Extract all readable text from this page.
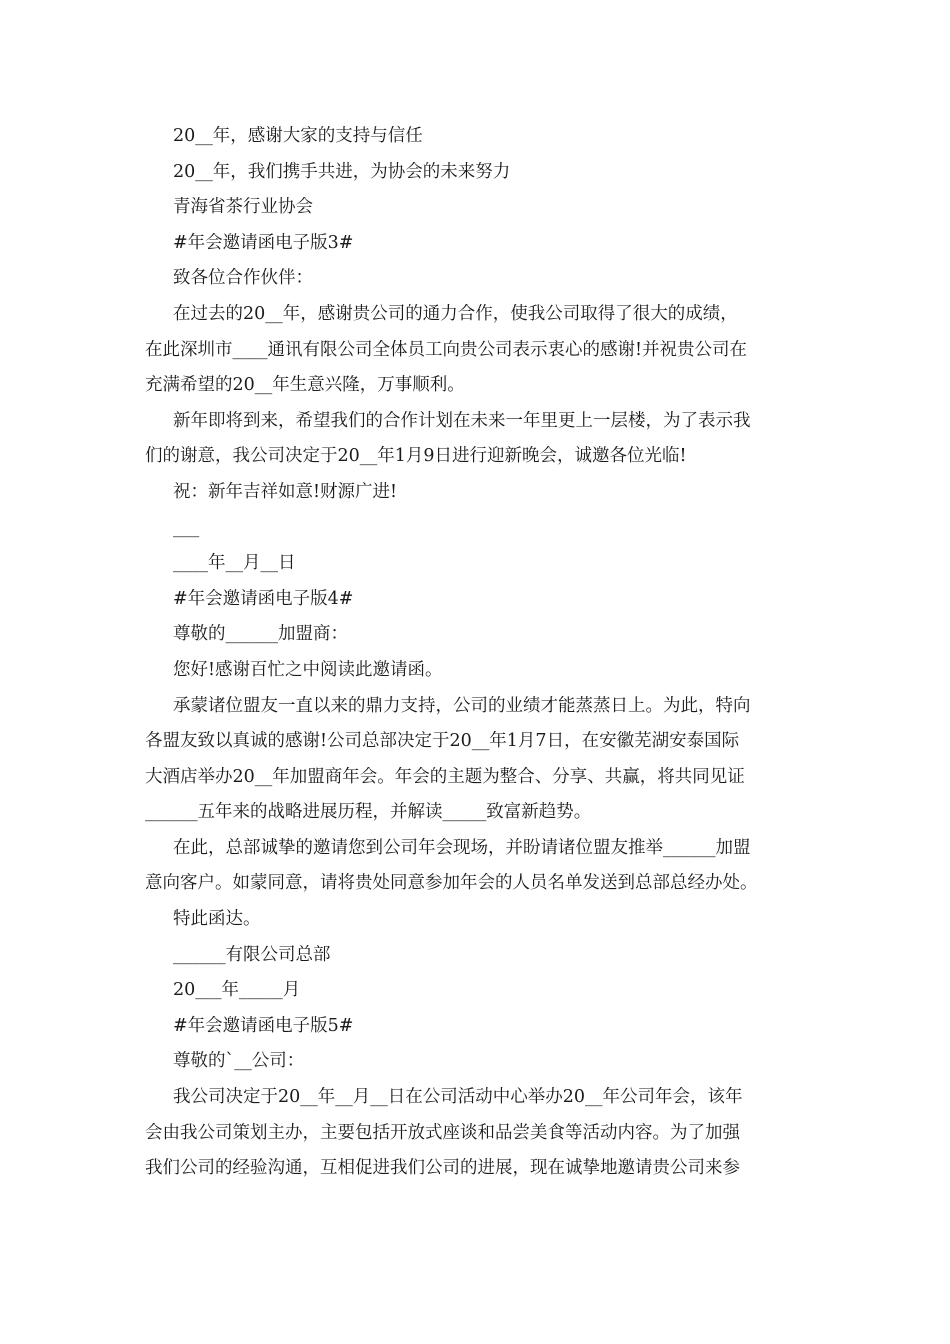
20__年，感谢大家的支持与信任
20__年，我们携手共进，为协会的未来努力
青海省茶行业协会
#年会邀请函电子版3#
致各位合作伙伴：
在过去的20__年，感谢贵公司的通力合作，使我公司取得了很大的成绩，
在此深圳市____通讯有限公司全体员工向贵公司表示衷心的感谢!并祝贵公司在
充满希望的20__年生意兴隆，万事顺利。
新年即将到来，希望我们的合作计划在未来一年里更上一层楼，为了表示我
们的谢意，我公司决定于20__年1月9日进行迎新晚会，诚邀各位光临!
祝：新年吉祥如意!财源广进!
___
____年__月__日
#年会邀请函电子版4#
尊敬的______加盟商：
您好!感谢百忙之中阅读此邀请函。
承蒙诸位盟友一直以来的鼎力支持，公司的业绩才能蒸蒸日上。为此，特向
各盟友致以真诚的感谢!公司总部决定于20__年1月7日，在安徽芜湖安泰国际
大酒店举办20__年加盟商年会。年会的主题为整合、分享、共赢，将共同见证
______五年来的战略进展历程，并解读_____致富新趋势。
在此，总部诚挚的邀请您到公司年会现场，并盼请诸位盟友推举______加盟
意向客户。如蒙同意，请将贵处同意参加年会的人员名单发送到总部总经办处。
特此函达。
______有限公司总部
20___年_____月
#年会邀请函电子版5#
尊敬的`__公司：
我公司决定于20__年__月__日在公司活动中心举办20__年公司年会，该年
会由我公司策划主办，主要包括开放式座谈和品尝美食等活动内容。为了加强
我们公司的经验沟通，互相促进我们公司的进展，现在诚挚地邀请贵公司来参
